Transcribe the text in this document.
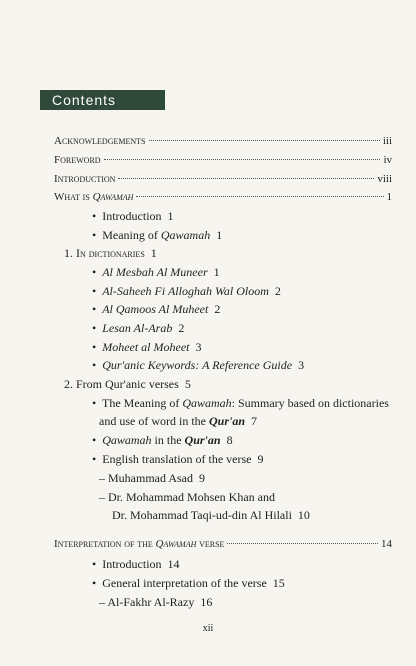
Contents
Acknowledgements	iii
Foreword	iv
Introduction	viii
What is Qawamah	1
• Introduction 1
• Meaning of Qawamah 1
1. In dictionaries 1
• Al Mesbah Al Muneer 1
• Al-Saheeh Fi Alloghah Wal Oloom 2
• Al Qamoos Al Muheet 2
• Lesan Al-Arab 2
• Moheet al Moheet 3
• Qur'anic Keywords: A Reference Guide 3
2. From Qur'anic verses 5
• The Meaning of Qawamah: Summary based on dictionaries
and use of word in the Qur'an 7
• Qawamah in the Qur'an 8
• English translation of the verse 9
– Muhammad Asad 9
– Dr. Mohammad Mohsen Khan and
Dr. Mohammad Taqi-ud-din Al Hilali 10
Interpretation of the Qawamah verse	14
• Introduction 14
• General interpretation of the verse 15
– Al-Fakhr Al-Razy 16
xii
